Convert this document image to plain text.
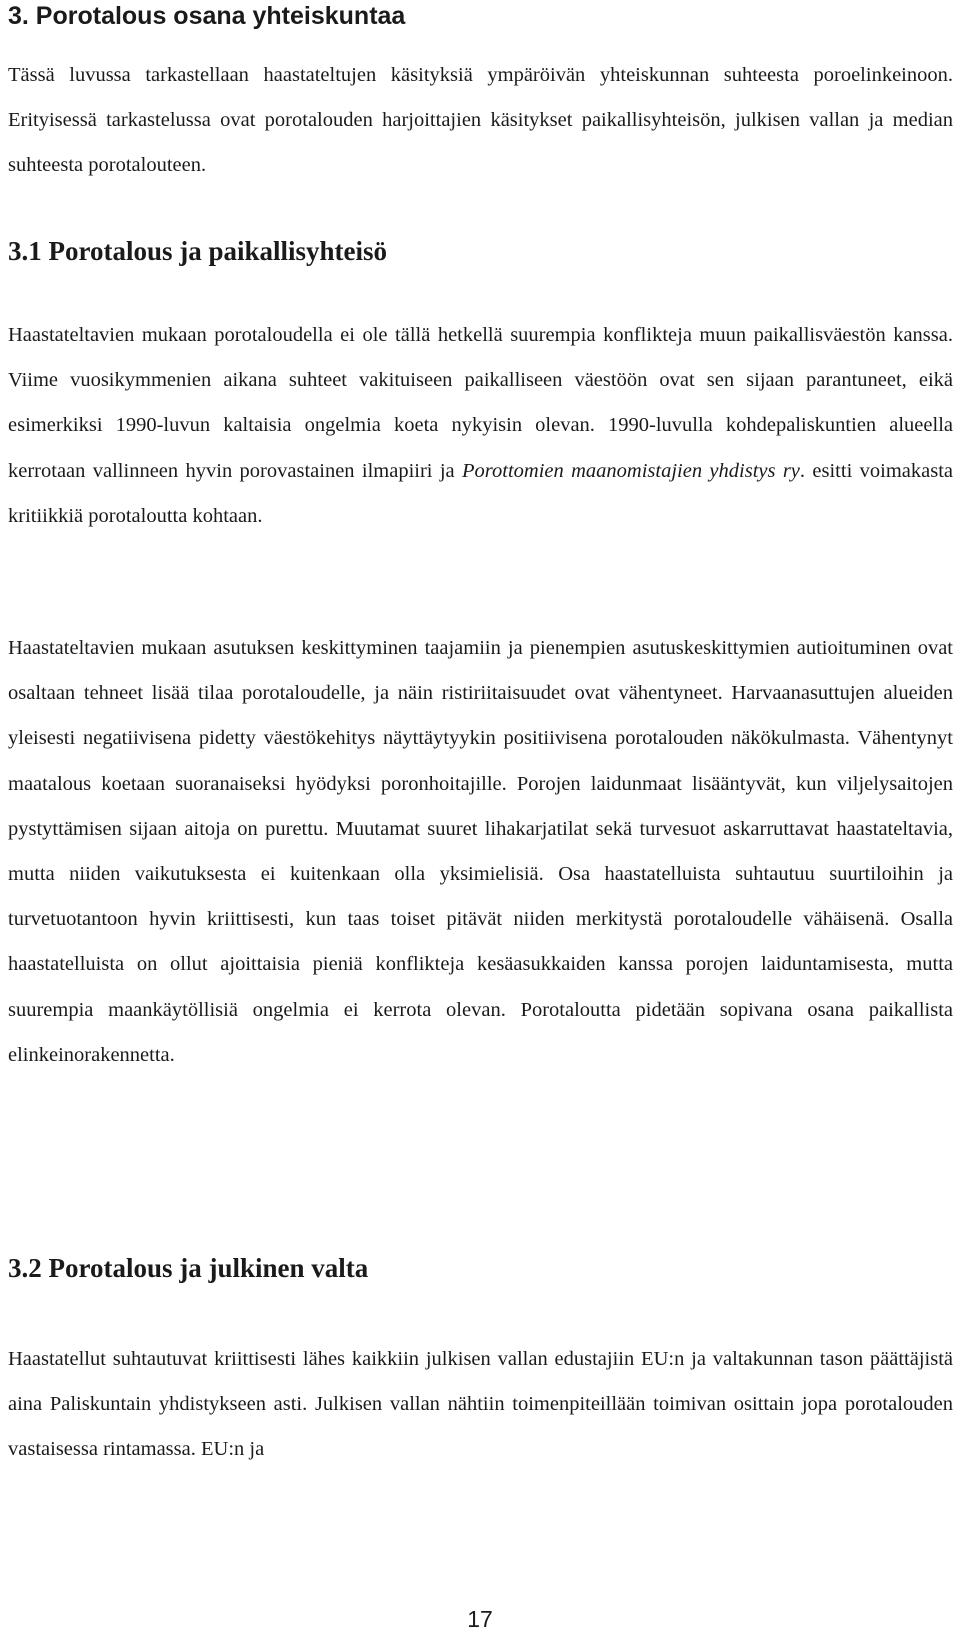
3. Porotalous osana yhteiskuntaa

Tässä luvussa tarkastellaan haastateltujen käsityksiä ympäröivän yhteiskunnan suhteesta poroelinkeinoon. Erityisessä tarkastelussa ovat porotalouden harjoittajien käsitykset paikallisyhteisön, julkisen vallan ja median suhteesta porotalouteen.

3.1 Porotalous ja paikallisyhteisö

Haastateltavien mukaan porotaloudella ei ole tällä hetkellä suurempia konflikteja muun paikallisväestön kanssa. Viime vuosikymmenien aikana suhteet vakituiseen paikalliseen väestöön ovat sen sijaan parantuneet, eikä esimerkiksi 1990-luvun kaltaisia ongelmia koeta nykyisin olevan. 1990-luvulla kohdepaliskuntien alueella kerrotaan vallinneen hyvin porovastainen ilmapiiri ja Porottomien maanomistajien yhdistys ry. esitti voimakasta kritiikkiä porotaloutta kohtaan.

Haastateltavien mukaan asutuksen keskittyminen taajamiin ja pienempien asutuskeskittymien autioituminen ovat osaltaan tehneet lisää tilaa porotaloudelle, ja näin ristiriitaisuudet ovat vähentyneet. Harvaanasuttujen alueiden yleisesti negatiivisena pidetty väestökehitys näyttäytyykin positiivisena porotalouden näkökulmasta. Vähentynyt maatalous koetaan suoranaiseksi hyödyksi poronhoitajille. Porojen laidunmaat lisääntyvät, kun viljelysaitojen pystyttämisen sijaan aitoja on purettu. Muutamat suuret lihakarjatilat sekä turvesuot askarruttavat haastateltavia, mutta niiden vaikutuksesta ei kuitenkaan olla yksimielisiä. Osa haastatelluista suhtautuu suurtiloihin ja turvetuotantoon hyvin kriittisesti, kun taas toiset pitävät niiden merkitystä porotaloudelle vähäisenä. Osalla haastatelluista on ollut ajoittaisia pieniä konflikteja kesäasukkaiden kanssa porojen laiduntamisesta, mutta suurempia maankäytöllisiä ongelmia ei kerrota olevan. Porotaloutta pidetään sopivana osana paikallista elinkeinorakennetta.

3.2 Porotalous ja julkinen valta

Haastatellut suhtautuvat kriittisesti lähes kaikkiin julkisen vallan edustajiin EU:n ja valtakunnan tason päättäjistä aina Paliskuntain yhdistykseen asti. Julkisen vallan nähtiin toimenpiteillään toimivan osittain jopa porotalouden vastaisessa rintamassa. EU:n ja

17
